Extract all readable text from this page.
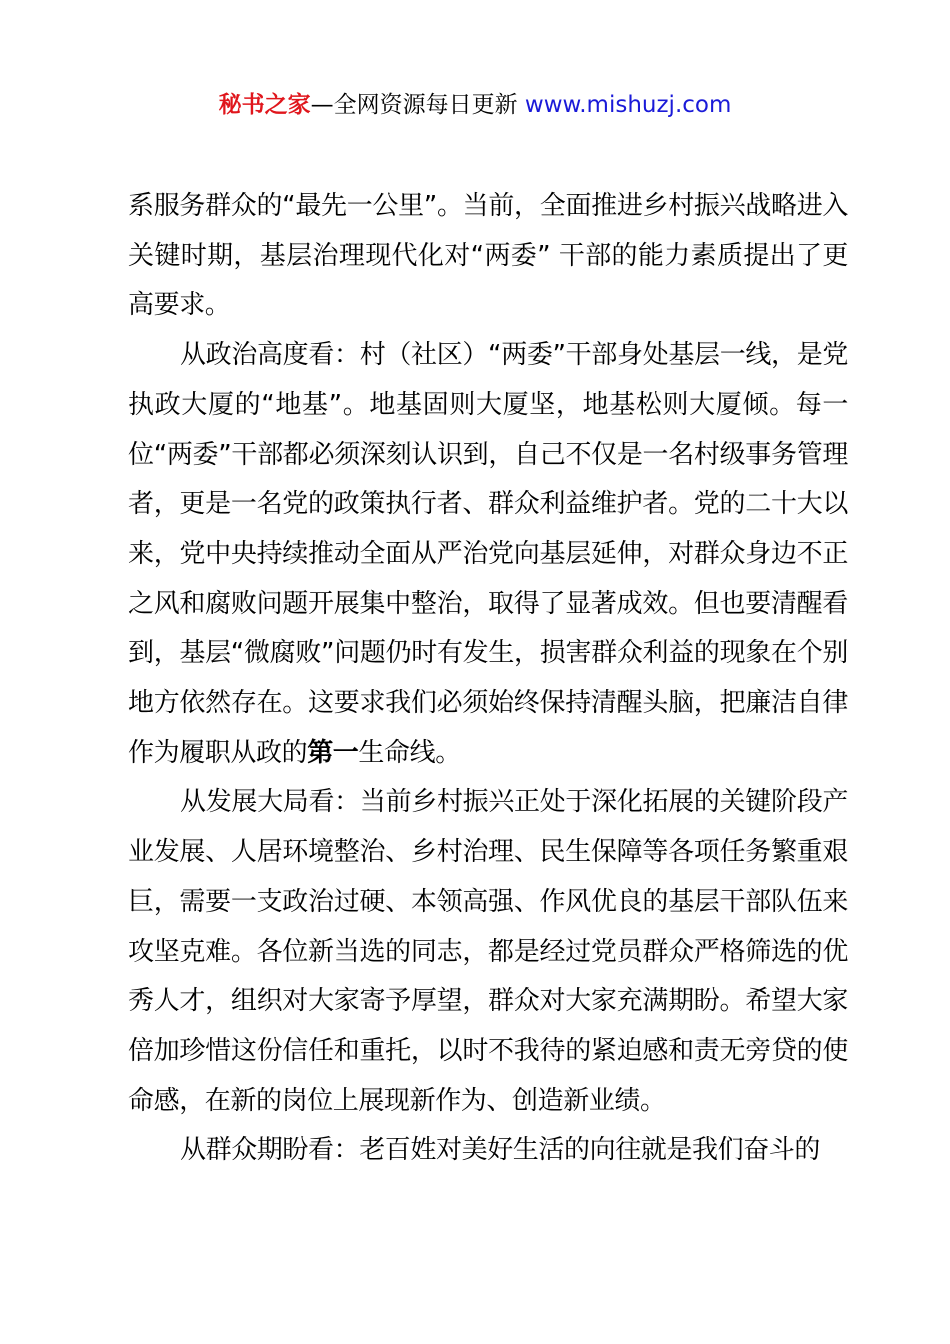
秘书之家—全网资源每日更新 www.mishuzj.com

系服务群众的“最先一公里”。当前，全面推进乡村振兴战略进入关键时期，基层治理现代化对“两委” 干部的能力素质提出了更高要求。

从政治高度看：村（社区）“两委”干部身处基层一线，是党执政大厦的“地基”。地基固则大厦坚，地基松则大厦倾。每一位“两委”干部都必须深刻认识到，自己不仅是一名村级事务管理者，更是一名党的政策执行者、群众利益维护者。党的二十大以来，党中央持续推动全面从严治党向基层延伸，对群众身边不正之风和腐败问题开展集中整治，取得了显著成效。但也要清醒看到，基层“微腐败”问题仍时有发生，损害群众利益的现象在个别地方依然存在。这要求我们必须始终保持清醒头脑，把廉洁自律作为履职从政的第一生命线。

从发展大局看：当前乡村振兴正处于深化拓展的关键阶段产业发展、人居环境整治、乡村治理、民生保障等各项任务繁重艰巨，需要一支政治过硬、本领高强、作风优良的基层干部队伍来攻坚克难。各位新当选的同志，都是经过党员群众严格筛选的优秀人才，组织对大家寄予厚望，群众对大家充满期盼。希望大家倍加珍惜这份信任和重托，以时不我待的紧迫感和责无旁贷的使命感，在新的岗位上展现新作为、创造新业绩。

从群众期盼看：老百姓对美好生活的向往就是我们奋斗的
